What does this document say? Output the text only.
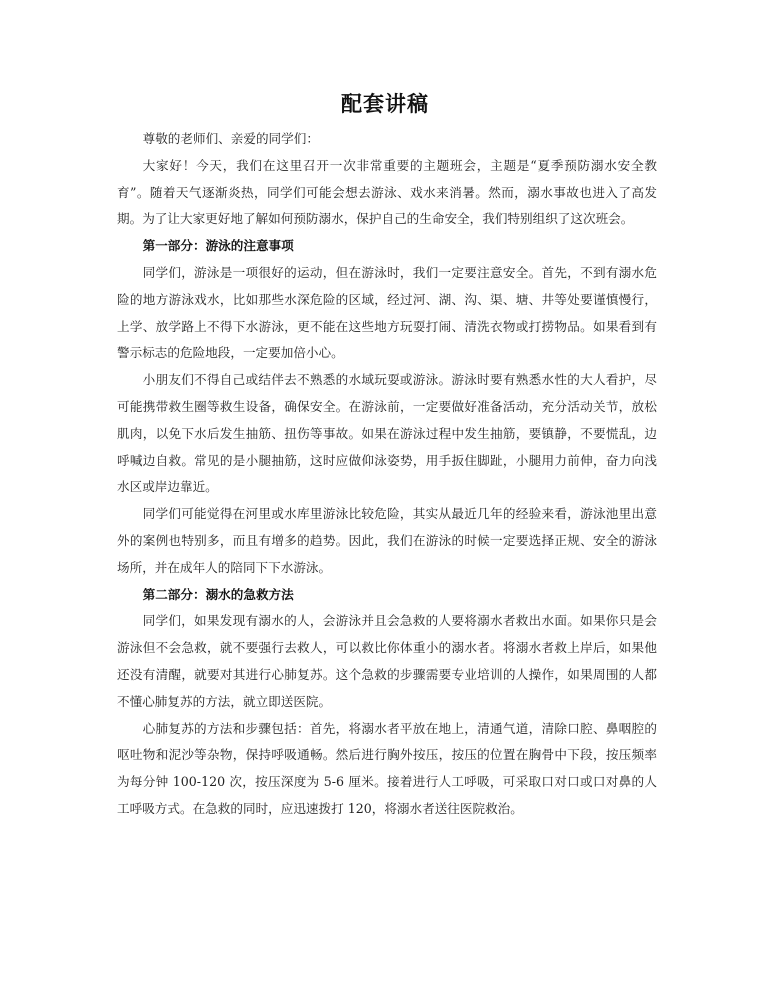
配套讲稿

尊敬的老师们、亲爱的同学们：

大家好！今天，我们在这里召开一次非常重要的主题班会，主题是“夏季预防溺水安全教育”。随着天气逐渐炎热，同学们可能会想去游泳、戏水来消暑。然而，溺水事故也进入了高发期。为了让大家更好地了解如何预防溺水，保护自己的生命安全，我们特别组织了这次班会。

第一部分：游泳的注意事项

同学们，游泳是一项很好的运动，但在游泳时，我们一定要注意安全。首先，不到有溺水危险的地方游泳戏水，比如那些水深危险的区域，经过河、湖、沟、渠、塘、井等处要谨慎慢行，上学、放学路上不得下水游泳，更不能在这些地方玩耍打闹、清洗衣物或打捞物品。如果看到有警示标志的危险地段，一定要加倍小心。

小朋友们不得自己或结伴去不熟悉的水域玩耍或游泳。游泳时要有熟悉水性的大人看护，尽可能携带救生圈等救生设备，确保安全。在游泳前，一定要做好准备活动，充分活动关节，放松肌肉，以免下水后发生抽筋、扭伤等事故。如果在游泳过程中发生抽筋，要镇静，不要慌乱，边呼喊边自救。常见的是小腿抽筋，这时应做仰泳姿势，用手扳住脚趾，小腿用力前伸，奋力向浅水区或岸边靠近。

同学们可能觉得在河里或水库里游泳比较危险，其实从最近几年的经验来看，游泳池里出意外的案例也特别多，而且有增多的趋势。因此，我们在游泳的时候一定要选择正规、安全的游泳场所，并在成年人的陪同下下水游泳。

第二部分：溺水的急救方法

同学们，如果发现有溺水的人，会游泳并且会急救的人要将溺水者救出水面。如果你只是会游泳但不会急救，就不要强行去救人，可以救比你体重小的溺水者。将溺水者救上岸后，如果他还没有清醒，就要对其进行心肺复苏。这个急救的步骤需要专业培训的人操作，如果周围的人都不懂心肺复苏的方法，就立即送医院。

心肺复苏的方法和步骤包括：首先，将溺水者平放在地上，清通气道，清除口腔、鼻咽腔的呕吐物和泥沙等杂物，保持呼吸通畅。然后进行胸外按压，按压的位置在胸骨中下段，按压频率为每分钟 100-120 次，按压深度为 5-6 厘米。接着进行人工呼吸，可采取口对口或口对鼻的人工呼吸方式。在急救的同时，应迅速拨打 120，将溺水者送往医院救治。
